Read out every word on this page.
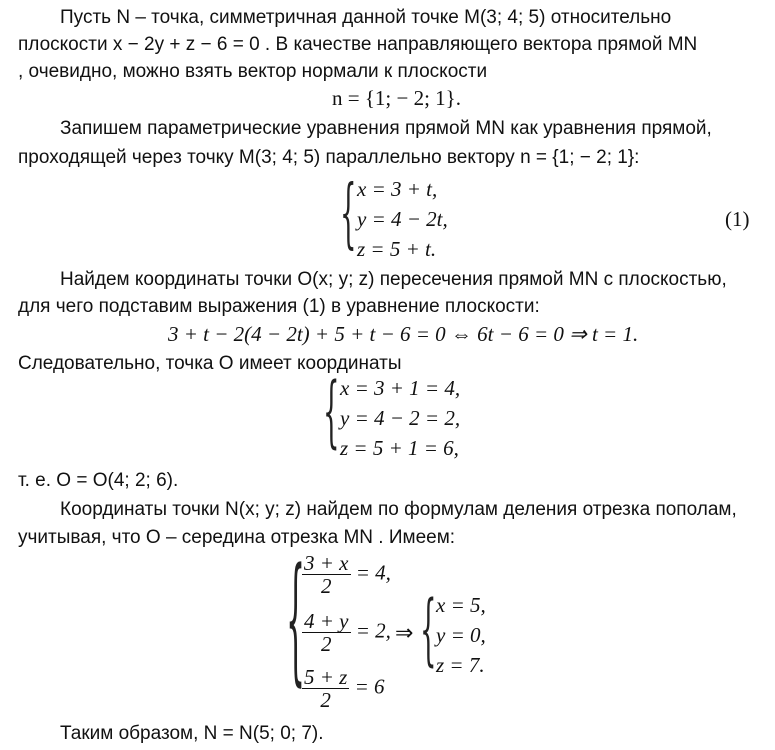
Пусть N – точка, симметричная данной точке M(3; 4; 5) относительно
плоскости x − 2y + z − 6 = 0 . В качестве направляющего вектора прямой MN
, очевидно, можно взять вектор нормали к плоскости
n = {1; − 2; 1}.
Запишем параметрические уравнения прямой MN как уравнения прямой,
проходящей через точку M(3; 4; 5) параллельно вектору n = {1; − 2; 1}:
{ x = 3 + t,
y = 4 − 2t,
z = 5 + t.
(1)
Найдем координаты точки O(x; y; z) пересечения прямой MN с плоскостью,
для чего подставим выражения (1) в уравнение плоскости:
3 + t − 2(4 − 2t) + 5 + t − 6 = 0 ⇔ 6t − 6 = 0 ⇒ t = 1.
Следовательно, точка O имеет координаты
{ x = 3 + 1 = 4,
y = 4 − 2 = 2,
z = 5 + 1 = 6,
т. е. O = O(4; 2; 6).
Координаты точки N(x; y; z) найдем по формулам деления отрезка пополам,
учитывая, что O – середина отрезка MN . Имеем:
{
$\frac{3 + x}{2} = 4$,
$\frac{4 + y}{2} = 2$,
$\frac{5 + z}{2} = 6$
⇒ { x = 5,
y = 0,
z = 7.
Таким образом, N = N(5; 0; 7).
